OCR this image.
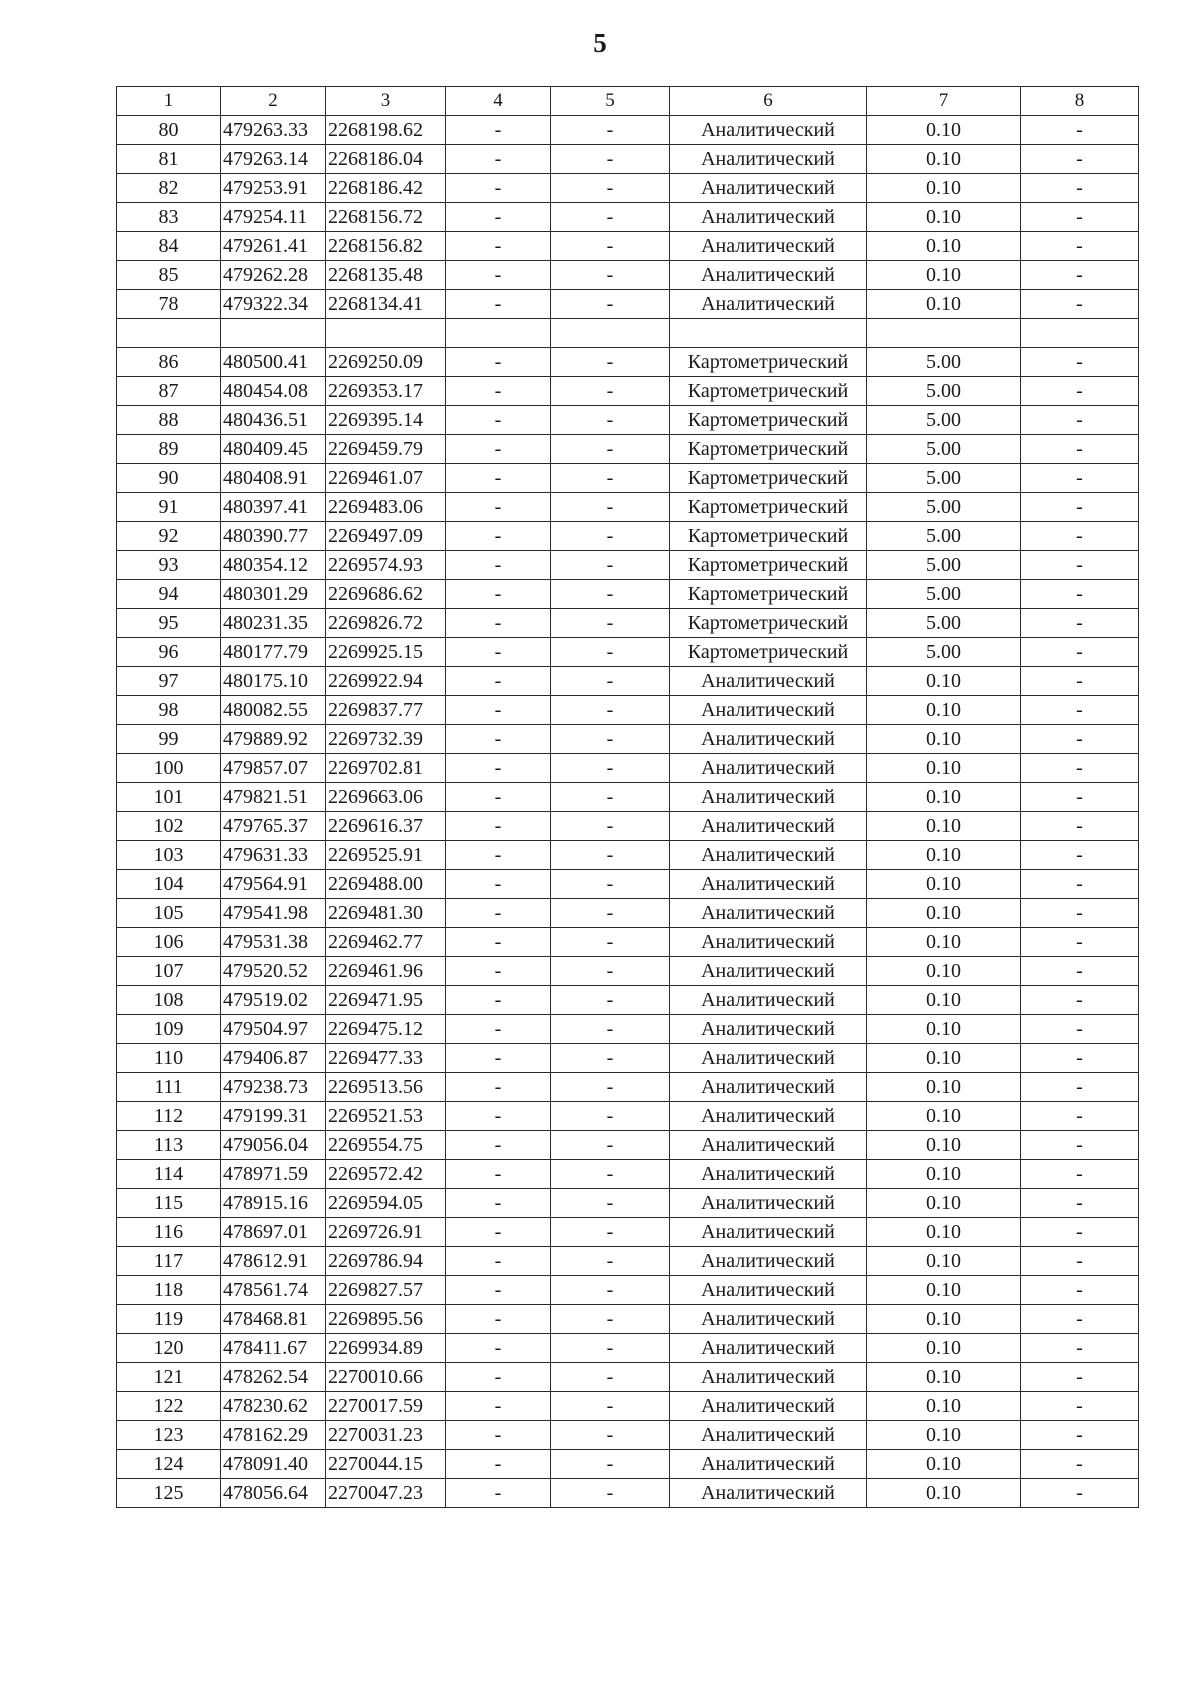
5
1	2	3	4	5	6	7	8
80	479263.33	2268198.62	-	-	Аналитический	0.10	-
81	479263.14	2268186.04	-	-	Аналитический	0.10	-
82	479253.91	2268186.42	-	-	Аналитический	0.10	-
83	479254.11	2268156.72	-	-	Аналитический	0.10	-
84	479261.41	2268156.82	-	-	Аналитический	0.10	-
85	479262.28	2268135.48	-	-	Аналитический	0.10	-
78	479322.34	2268134.41	-	-	Аналитический	0.10	-

86	480500.41	2269250.09	-	-	Картометрический	5.00	-
87	480454.08	2269353.17	-	-	Картометрический	5.00	-
88	480436.51	2269395.14	-	-	Картометрический	5.00	-
89	480409.45	2269459.79	-	-	Картометрический	5.00	-
90	480408.91	2269461.07	-	-	Картометрический	5.00	-
91	480397.41	2269483.06	-	-	Картометрический	5.00	-
92	480390.77	2269497.09	-	-	Картометрический	5.00	-
93	480354.12	2269574.93	-	-	Картометрический	5.00	-
94	480301.29	2269686.62	-	-	Картометрический	5.00	-
95	480231.35	2269826.72	-	-	Картометрический	5.00	-
96	480177.79	2269925.15	-	-	Картометрический	5.00	-
97	480175.10	2269922.94	-	-	Аналитический	0.10	-
98	480082.55	2269837.77	-	-	Аналитический	0.10	-
99	479889.92	2269732.39	-	-	Аналитический	0.10	-
100	479857.07	2269702.81	-	-	Аналитический	0.10	-
101	479821.51	2269663.06	-	-	Аналитический	0.10	-
102	479765.37	2269616.37	-	-	Аналитический	0.10	-
103	479631.33	2269525.91	-	-	Аналитический	0.10	-
104	479564.91	2269488.00	-	-	Аналитический	0.10	-
105	479541.98	2269481.30	-	-	Аналитический	0.10	-
106	479531.38	2269462.77	-	-	Аналитический	0.10	-
107	479520.52	2269461.96	-	-	Аналитический	0.10	-
108	479519.02	2269471.95	-	-	Аналитический	0.10	-
109	479504.97	2269475.12	-	-	Аналитический	0.10	-
110	479406.87	2269477.33	-	-	Аналитический	0.10	-
111	479238.73	2269513.56	-	-	Аналитический	0.10	-
112	479199.31	2269521.53	-	-	Аналитический	0.10	-
113	479056.04	2269554.75	-	-	Аналитический	0.10	-
114	478971.59	2269572.42	-	-	Аналитический	0.10	-
115	478915.16	2269594.05	-	-	Аналитический	0.10	-
116	478697.01	2269726.91	-	-	Аналитический	0.10	-
117	478612.91	2269786.94	-	-	Аналитический	0.10	-
118	478561.74	2269827.57	-	-	Аналитический	0.10	-
119	478468.81	2269895.56	-	-	Аналитический	0.10	-
120	478411.67	2269934.89	-	-	Аналитический	0.10	-
121	478262.54	2270010.66	-	-	Аналитический	0.10	-
122	478230.62	2270017.59	-	-	Аналитический	0.10	-
123	478162.29	2270031.23	-	-	Аналитический	0.10	-
124	478091.40	2270044.15	-	-	Аналитический	0.10	-
125	478056.64	2270047.23	-	-	Аналитический	0.10	-
